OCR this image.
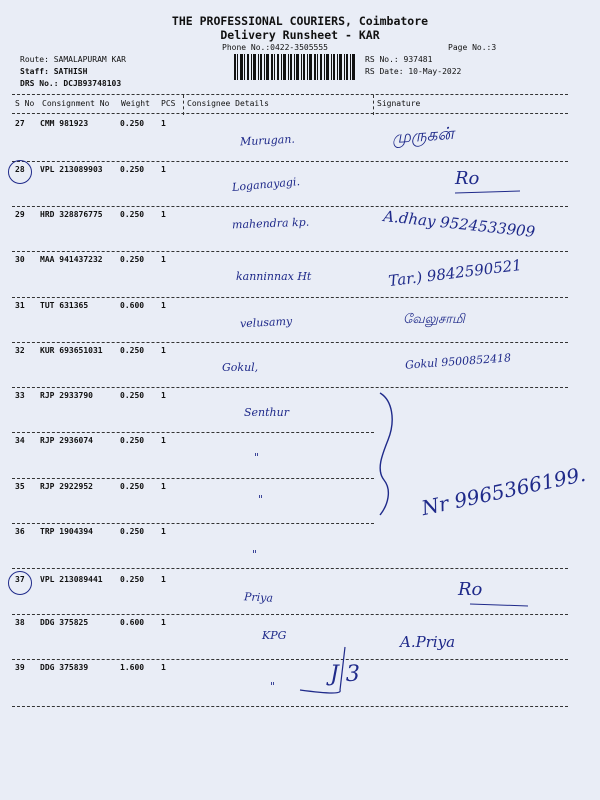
THE PROFESSIONAL COURIERS, Coimbatore
Delivery Runsheet - KAR
Phone No.:0422-3505555	Page No.:3
Route: SAMALAPURAM KAR
Staff: SATHISH
DRS No.: DCJB93748103
RS No.: 937481
RS Date: 10-May-2022
S No Consignment No Weight PCS Consignee Details	Signature
27 CMM 981923	0.250 1
Murugan.	முருகன்
28 VPL 213089903 0.250 1
Loganayagi.	Ro
29 HRD 328876775 0.250 1
mahendra kp.	A.dhay 9524533909
30 MAA 941437232 0.250 1
kanninnax Ht	Tar.) 9842590521
31 TUT 631365	0.600 1
velusamy	வேலுசாமி
32 KUR 693651031 0.250 1
Gokul,	Gokul 9500852418
33 RJP 2933790	0.250 1
Senthur
34 RJP 2936074	0.250 1
"
35 RJP 2922952	0.250 1
"	Nr 9965366199.
36 TRP 1904394	0.250 1
"
37 VPL 213089441 0.250 1
Priya	Ro
38 DDG 375825	0.600 1
KPG	A.Priya
39 DDG 375839	1.600 1
" J 3
